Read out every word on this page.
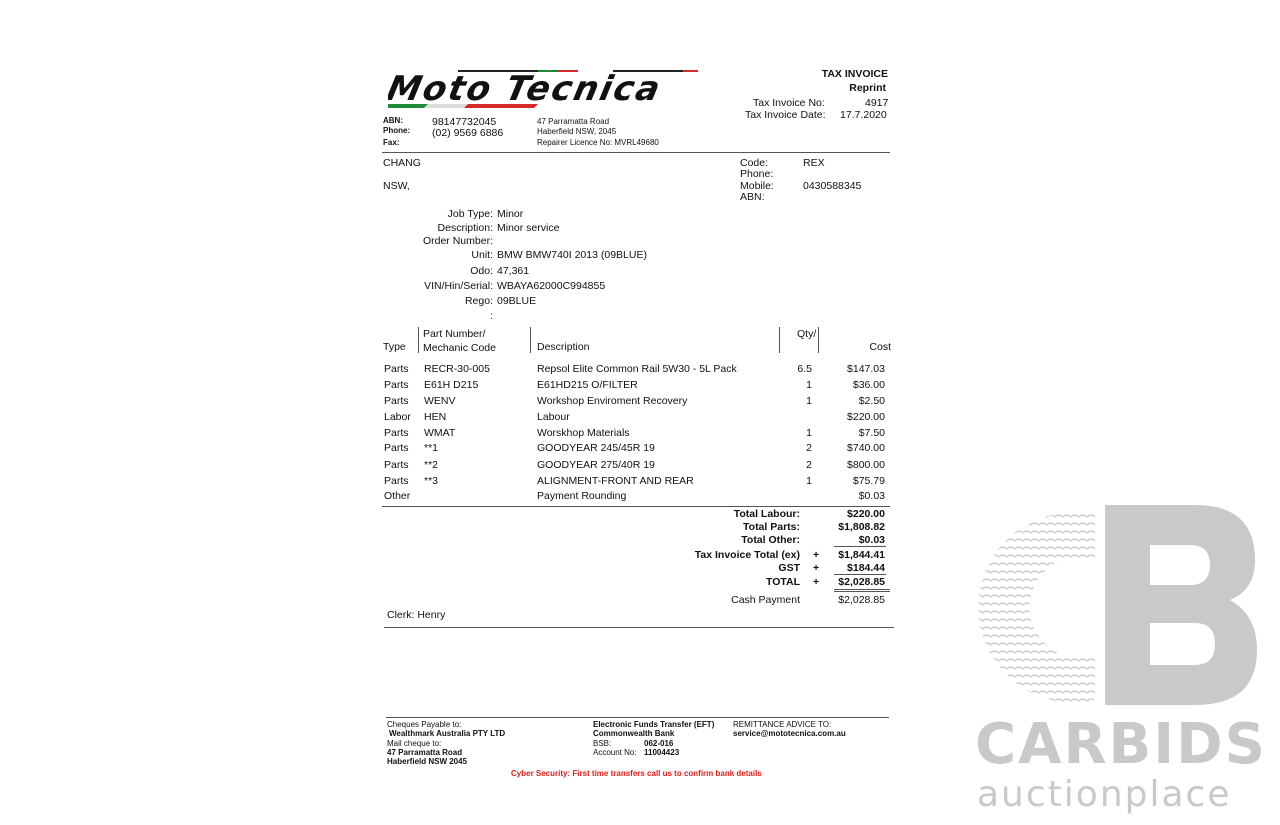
Moto Tecnica	TAX INVOICE
Reprint
Tax Invoice No:	4917
Tax Invoice Date: 17.7.2020
ABN:	98147732045
Phone: (02) 9569 6886
Fax:
47 Parramatta Road
Haberfield NSW, 2045
Repairer Licence No: MVRL49680
CHANG
NSW,
Code:	REX
Phone:
Mobile:	0430588345
ABN:
Job Type: Minor
Description: Minor service
Order Number:
Unit: BMW BMW740I 2013 (09BLUE)
Odo: 47,361
VIN/Hin/Serial: WBAYA62000C994855
Rego: 09BLUE
:
Type
Part Number/
Mechanic Code	Description
Qty/
Cost
Parts RECR-30-005	Repsol Elite Common Rail 5W30 - 5L Pack	6.5	$147.03
Parts E61H D215	E61HD215 O/FILTER	1	$36.00
Parts WENV	Workshop Enviroment Recovery	1	$2.50
Labor HEN	Labour	$220.00
Parts WMAT	Worskhop Materials	1	$7.50
Parts **1	GOODYEAR 245/45R 19	2	$740.00
Parts **2	GOODYEAR 275/40R 19	2	$800.00
Parts **3	ALIGNMENT-FRONT AND REAR	1	$75.79
Other	Payment Rounding	$0.03
Total Labour:	$220.00
Total Parts:	$1,808.82
Total Other:	$0.03
Tax Invoice Total (ex) + $1,844.41
GST +	$184.44
TOTAL + $2,028.85
Cash Payment	$2,028.85
Clerk: Henry
Cheques Payable to:
Wealthmark Australia PTY LTD
Mail cheque to:
47 Parramatta Road
Haberfield NSW 2045
Electronic Funds Transfer (EFT)
Commonwealth Bank
BSB:	062-016
Account No: 11004423
REMITTANCE ADVICE TO:
service@mototecnica.com.au
Cyber Security: First time transfers call us to confirm bank details	CARBIDS
auctionplace
